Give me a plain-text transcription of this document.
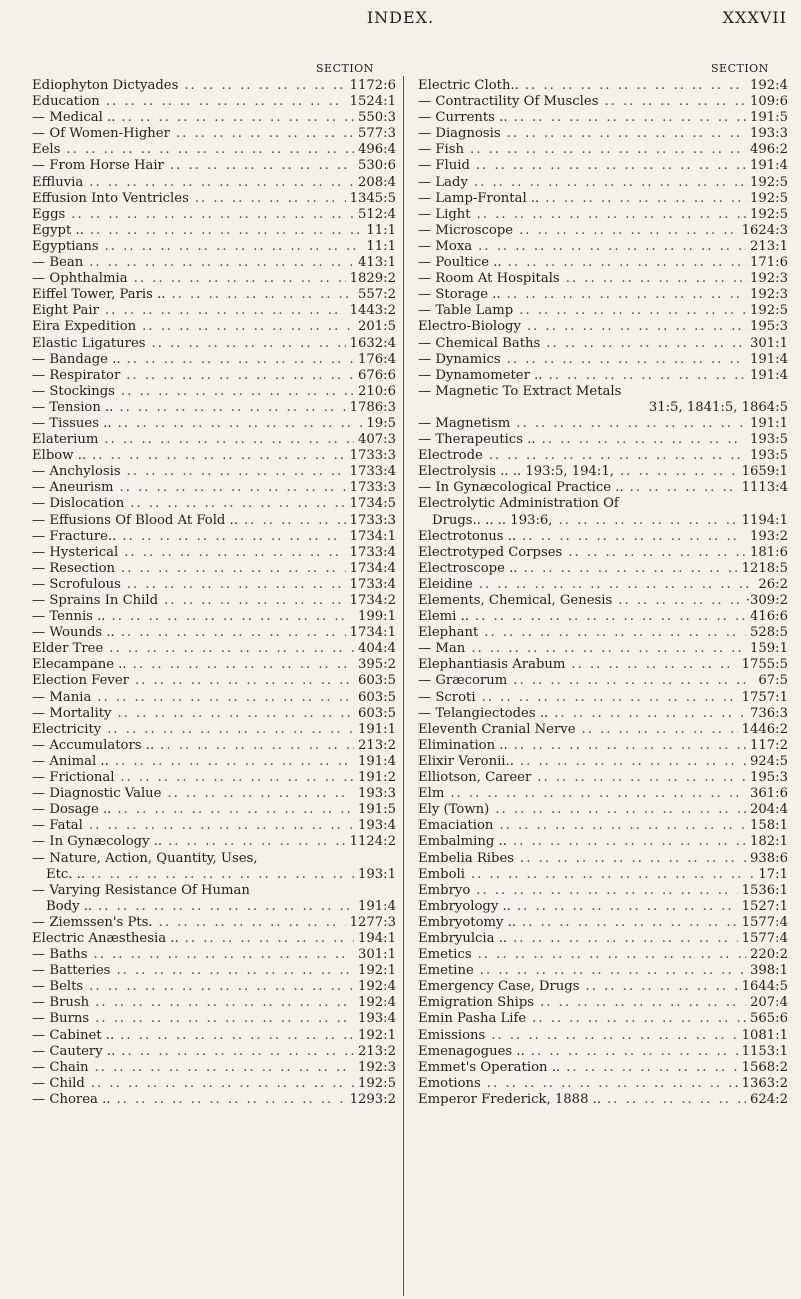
INDEX.	XXXVII
SECTION	SECTION
Ediophyton Dictyades .. ..	1172:6
Education .. ..	1524:1
— Medical .. .. ..	550:3
— Of Women-Higher .. ..	577:3
Eels .. ..	496:4
— From Horse Hair .. ..	530:6
Effluvia .. ..	208:4
Effusion Into Ventricles .. ..	1345:5
Eggs .. ..	512:4
Egypt .. .. ..	11:1
Egyptians .. ..	11:1
— Bean .. ..	413:1
— Ophthalmia .. ..	1829:2
Eiffel Tower, Paris .. .. ..	557:2
Eight Pair .. ..	1443:2
Eira Expedition .. ..	201:5
Elastic Ligatures .. ..	1632:4
— Bandage .. .. ..	176:4
— Respirator .. ..	676:6
— Stockings .. ..	210:6
— Tension .. .. ..	1786:3
— Tissues .. .. ..	19:5
Elaterium .. ..	407:3
Elbow .. .. ..	1733:3
— Anchylosis .. ..	1733:4
— Aneurism .. ..	1733:3
— Dislocation .. ..	1734:5
— Effusions Of Blood At Fold .. .. ..	1733:3
— Fracture.. .. ..	1734:1
— Hysterical .. ..	1733:4
— Resection .. ..	1734:4
— Scrofulous .. ..	1733:4
— Sprains In Child .. ..	1734:2
— Tennis .. .. ..	199:1
— Wounds .. .. ..	1734:1
Elder Tree .. ..	404:4
Elecampane .. .. ..	395:2
Election Fever .. ..	603:5
— Mania .. ..	603:5
— Mortality .. ..	603:5
Electricity .. ..	191:1
— Accumulators .. .. ..	213:2
— Animal .. .. ..	191:4
— Frictional .. ..	191:2
— Diagnostic Value .. ..	193:3
— Dosage .. .. ..	191:5
— Fatal .. ..	193:4
— In Gynæcology .. .. ..	1124:2
— Nature, Action, Quantity, Uses,
Etc. .. .. ..	193:1
— Varying Resistance Of Human
Body .. .. ..	191:4
— Ziemssen's Pts. .. ..	1277:3
Electric Anæsthesia .. .. ..	194:1
— Baths .. ..	301:1
— Batteries .. ..	192:1
— Belts .. ..	192:4
— Brush .. ..	192:4
— Burns .. ..	193:4
— Cabinet .. .. ..	192:1
— Cautery .. .. ..	213:2
— Chain .. ..	192:3
— Child .. ..	192:5
— Chorea .. .. ..	1293:2
Electric Cloth.. .. ..	192:4
— Contractility Of Muscles .. ..	109:6
— Currents .. .. ..	191:5
— Diagnosis .. ..	193:3
— Fish .. ..	496:2
— Fluid .. ..	191:4
— Lady .. ..	192:5
— Lamp-Frontal .. .. ..	192:5
— Light .. ..	192:5
— Microscope .. ..	1624:3
— Moxa .. ..	213:1
— Poultice .. .. ..	171:6
— Room At Hospitals .. ..	192:3
— Storage .. .. ..	192:3
— Table Lamp .. ..	192:5
Electro-Biology .. ..	195:3
— Chemical Baths .. ..	301:1
— Dynamics .. ..	191:4
— Dynamometer .. .. ..	191:4
— Magnetic To Extract Metals
31:5, 1841:5, 1864:5
— Magnetism .. ..	191:1
— Therapeutics .. .. ..	193:5
Electrode .. ..	193:5
Electrolysis .. .. 193:5, 194:1, .. ..	1659:1
— In Gynæcological Practice .. .. ..	1113:4
Electrolytic Administration Of
Drugs.. .. .. 193:6, .. ..	1194:1
Electrotonus .. .. ..	193:2
Electrotyped Corpses .. ..	181:6
Electroscope .. .. ..	1218:5
Eleidine .. ..	26:2
Elements, Chemical, Genesis .. ..	·309:2
Elemi .. .. ..	416:6
Elephant .. ..	528:5
— Man .. ..	159:1
Elephantiasis Arabum .. ..	1755:5
— Græcorum .. ..	67:5
— Scroti .. ..	1757:1
— Telangiectodes .. .. ..	736:3
Eleventh Cranial Nerve .. ..	1446:2
Elimination .. .. ..	117:2
Elixir Veronii.. .. ..	924:5
Elliotson, Career .. ..	195:3
Elm .. ..	361:6
Ely (Town) .. ..	204:4
Emaciation .. ..	158:1
Embalming .. .. ..	182:1
Embelia Ribes .. ..	938:6
Emboli .. ..	17:1
Embryo .. ..	1536:1
Embryology .. .. ..	1527:1
Embryotomy .. .. ..	1577:4
Embryulcia .. .. ..	1577:4
Emetics .. ..	220:2
Emetine .. ..	398:1
Emergency Case, Drugs .. ..	1644:5
Emigration Ships .. ..	207:4
Emin Pasha Life .. ..	565:6
Emissions .. ..	1081:1
Emenagogues .. .. ..	1153:1
Emmet's Operation .. .. ..	1568:2
Emotions .. ..	1363:2
Emperor Frederick, 1888 .. .. ..	624:2
